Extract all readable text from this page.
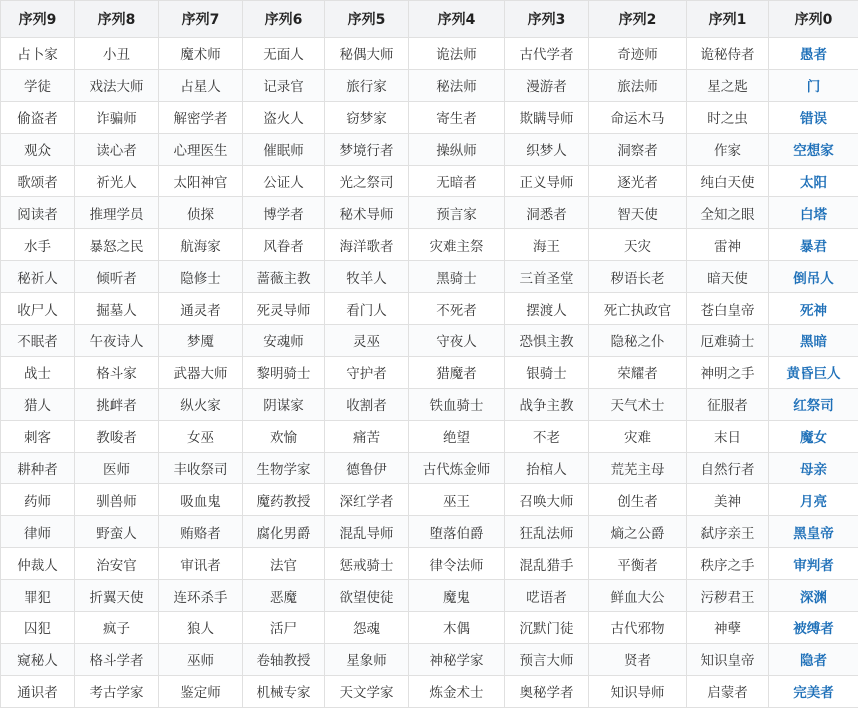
序列9	序列8	序列7	序列6	序列5	序列4	序列3	序列2	序列1	序列0
占卜家	小丑	魔术师	无面人	秘偶大师	诡法师	古代学者	奇迹师	诡秘侍者	愚者
学徒	戏法大师	占星人	记录官	旅行家	秘法师	漫游者	旅法师	星之匙	门
偷盗者	诈骗师	解密学者	盗火人	窃梦家	寄生者	欺瞒导师	命运木马	时之虫	错误
观众	读心者	心理医生	催眠师	梦境行者	操纵师	织梦人	洞察者	作家	空想家
歌颂者	祈光人	太阳神官	公证人	光之祭司	无暗者	正义导师	逐光者	纯白天使	太阳
阅读者	推理学员	侦探	博学者	秘术导师	预言家	洞悉者	智天使	全知之眼	白塔
水手	暴怒之民	航海家	风眷者	海洋歌者	灾难主祭	海王	天灾	雷神	暴君
秘祈人	倾听者	隐修士	蔷薇主教	牧羊人	黑骑士	三首圣堂	秽语长老	暗天使	倒吊人
收尸人	掘墓人	通灵者	死灵导师	看门人	不死者	摆渡人	死亡执政官	苍白皇帝	死神
不眠者	午夜诗人	梦魇	安魂师	灵巫	守夜人	恐惧主教	隐秘之仆	厄难骑士	黑暗
战士	格斗家	武器大师	黎明骑士	守护者	猎魔者	银骑士	荣耀者	神明之手	黄昏巨人
猎人	挑衅者	纵火家	阴谋家	收割者	铁血骑士	战争主教	天气术士	征服者	红祭司
刺客	教唆者	女巫	欢愉	痛苦	绝望	不老	灾难	末日	魔女
耕种者	医师	丰收祭司	生物学家	德鲁伊	古代炼金师	抬棺人	荒芜主母	自然行者	母亲
药师	驯兽师	吸血鬼	魔药教授	深红学者	巫王	召唤大师	创生者	美神	月亮
律师	野蛮人	贿赂者	腐化男爵	混乱导师	堕落伯爵	狂乱法师	熵之公爵	弑序亲王	黑皇帝
仲裁人	治安官	审讯者	法官	惩戒骑士	律令法师	混乱猎手	平衡者	秩序之手	审判者
罪犯	折翼天使	连环杀手	恶魔	欲望使徒	魔鬼	呓语者	鲜血大公	污秽君王	深渊
囚犯	疯子	狼人	活尸	怨魂	木偶	沉默门徒	古代邪物	神孽	被缚者
窥秘人	格斗学者	巫师	卷轴教授	星象师	神秘学家	预言大师	贤者	知识皇帝	隐者
通识者	考古学家	鉴定师	机械专家	天文学家	炼金术士	奥秘学者	知识导师	启蒙者	完美者
